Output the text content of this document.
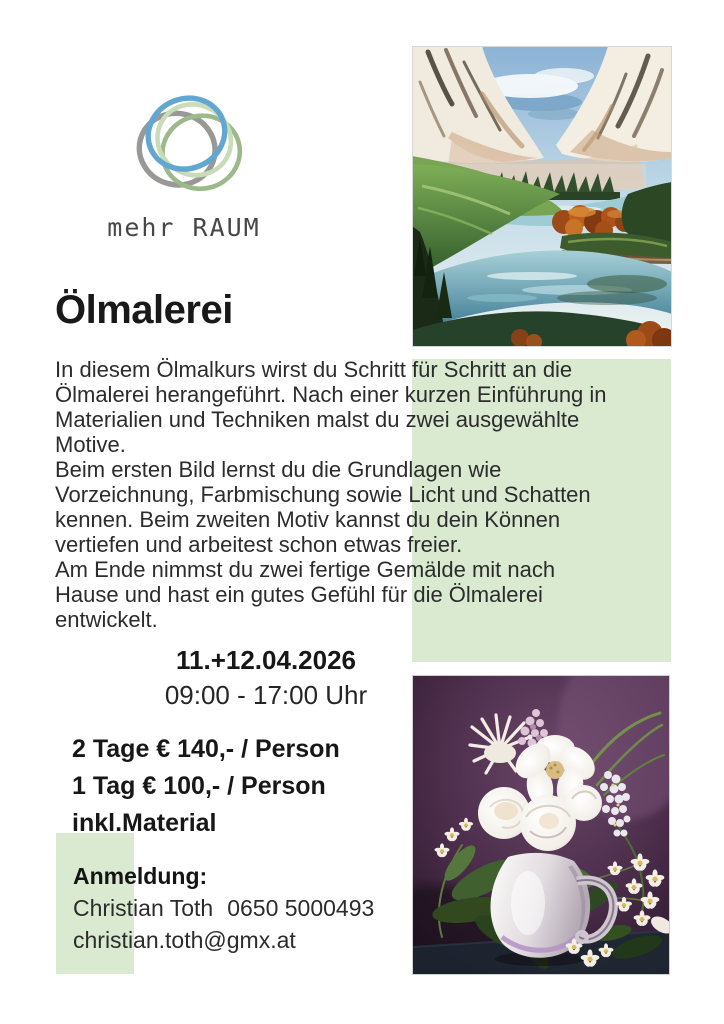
mehr RAUM
Ölmalerei
In diesem Ölmalkurs wirst du Schritt für Schritt an die
Ölmalerei herangeführt. Nach einer kurzen Einführung in
Materialien und Techniken malst du zwei ausgewählte
Motive.
Beim ersten Bild lernst du die Grundlagen wie
Vorzeichnung, Farbmischung sowie Licht und Schatten
kennen. Beim zweiten Motiv kannst du dein Können
vertiefen und arbeitest schon etwas freier.
Am Ende nimmst du zwei fertige Gemälde mit nach
Hause und hast ein gutes Gefühl für die Ölmalerei
entwickelt.
11.+12.04.2026
09:00 - 17:00 Uhr
2 Tage € 140,- / Person
1 Tag € 100,- / Person
inkl.Material
Anmeldung:
Christian Toth 0650 5000493
christian.toth@gmx.at
